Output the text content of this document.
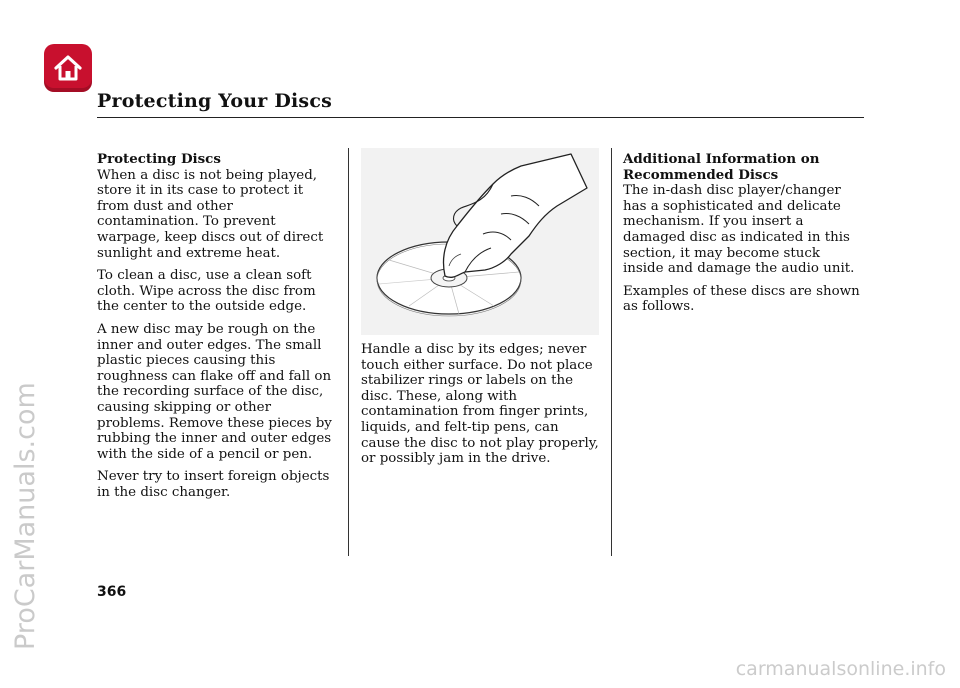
Protecting Your Discs
Protecting Discs

When a disc is not being played, store it in its case to protect it from dust and other contamination. To prevent warpage, keep discs out of direct sunlight and extreme heat.

To clean a disc, use a clean soft cloth. Wipe across the disc from the center to the outside edge.

A new disc may be rough on the inner and outer edges. The small plastic pieces causing this roughness can flake off and fall on the recording surface of the disc, causing skipping or other problems. Remove these pieces by rubbing the inner and outer edges with the side of a pencil or pen.

Never try to insert foreign objects in the disc changer.

Handle a disc by its edges; never touch either surface. Do not place stabilizer rings or labels on the disc. These, along with contamination from finger prints, liquids, and felt-tip pens, can cause the disc to not play properly, or possibly jam in the drive.

Additional Information on Recommended Discs

The in-dash disc player/changer has a sophisticated and delicate mechanism. If you insert a damaged disc as indicated in this section, it may become stuck inside and damage the audio unit.

Examples of these discs are shown as follows.

366
ProCarManuals.com
carmanualsonline.info
